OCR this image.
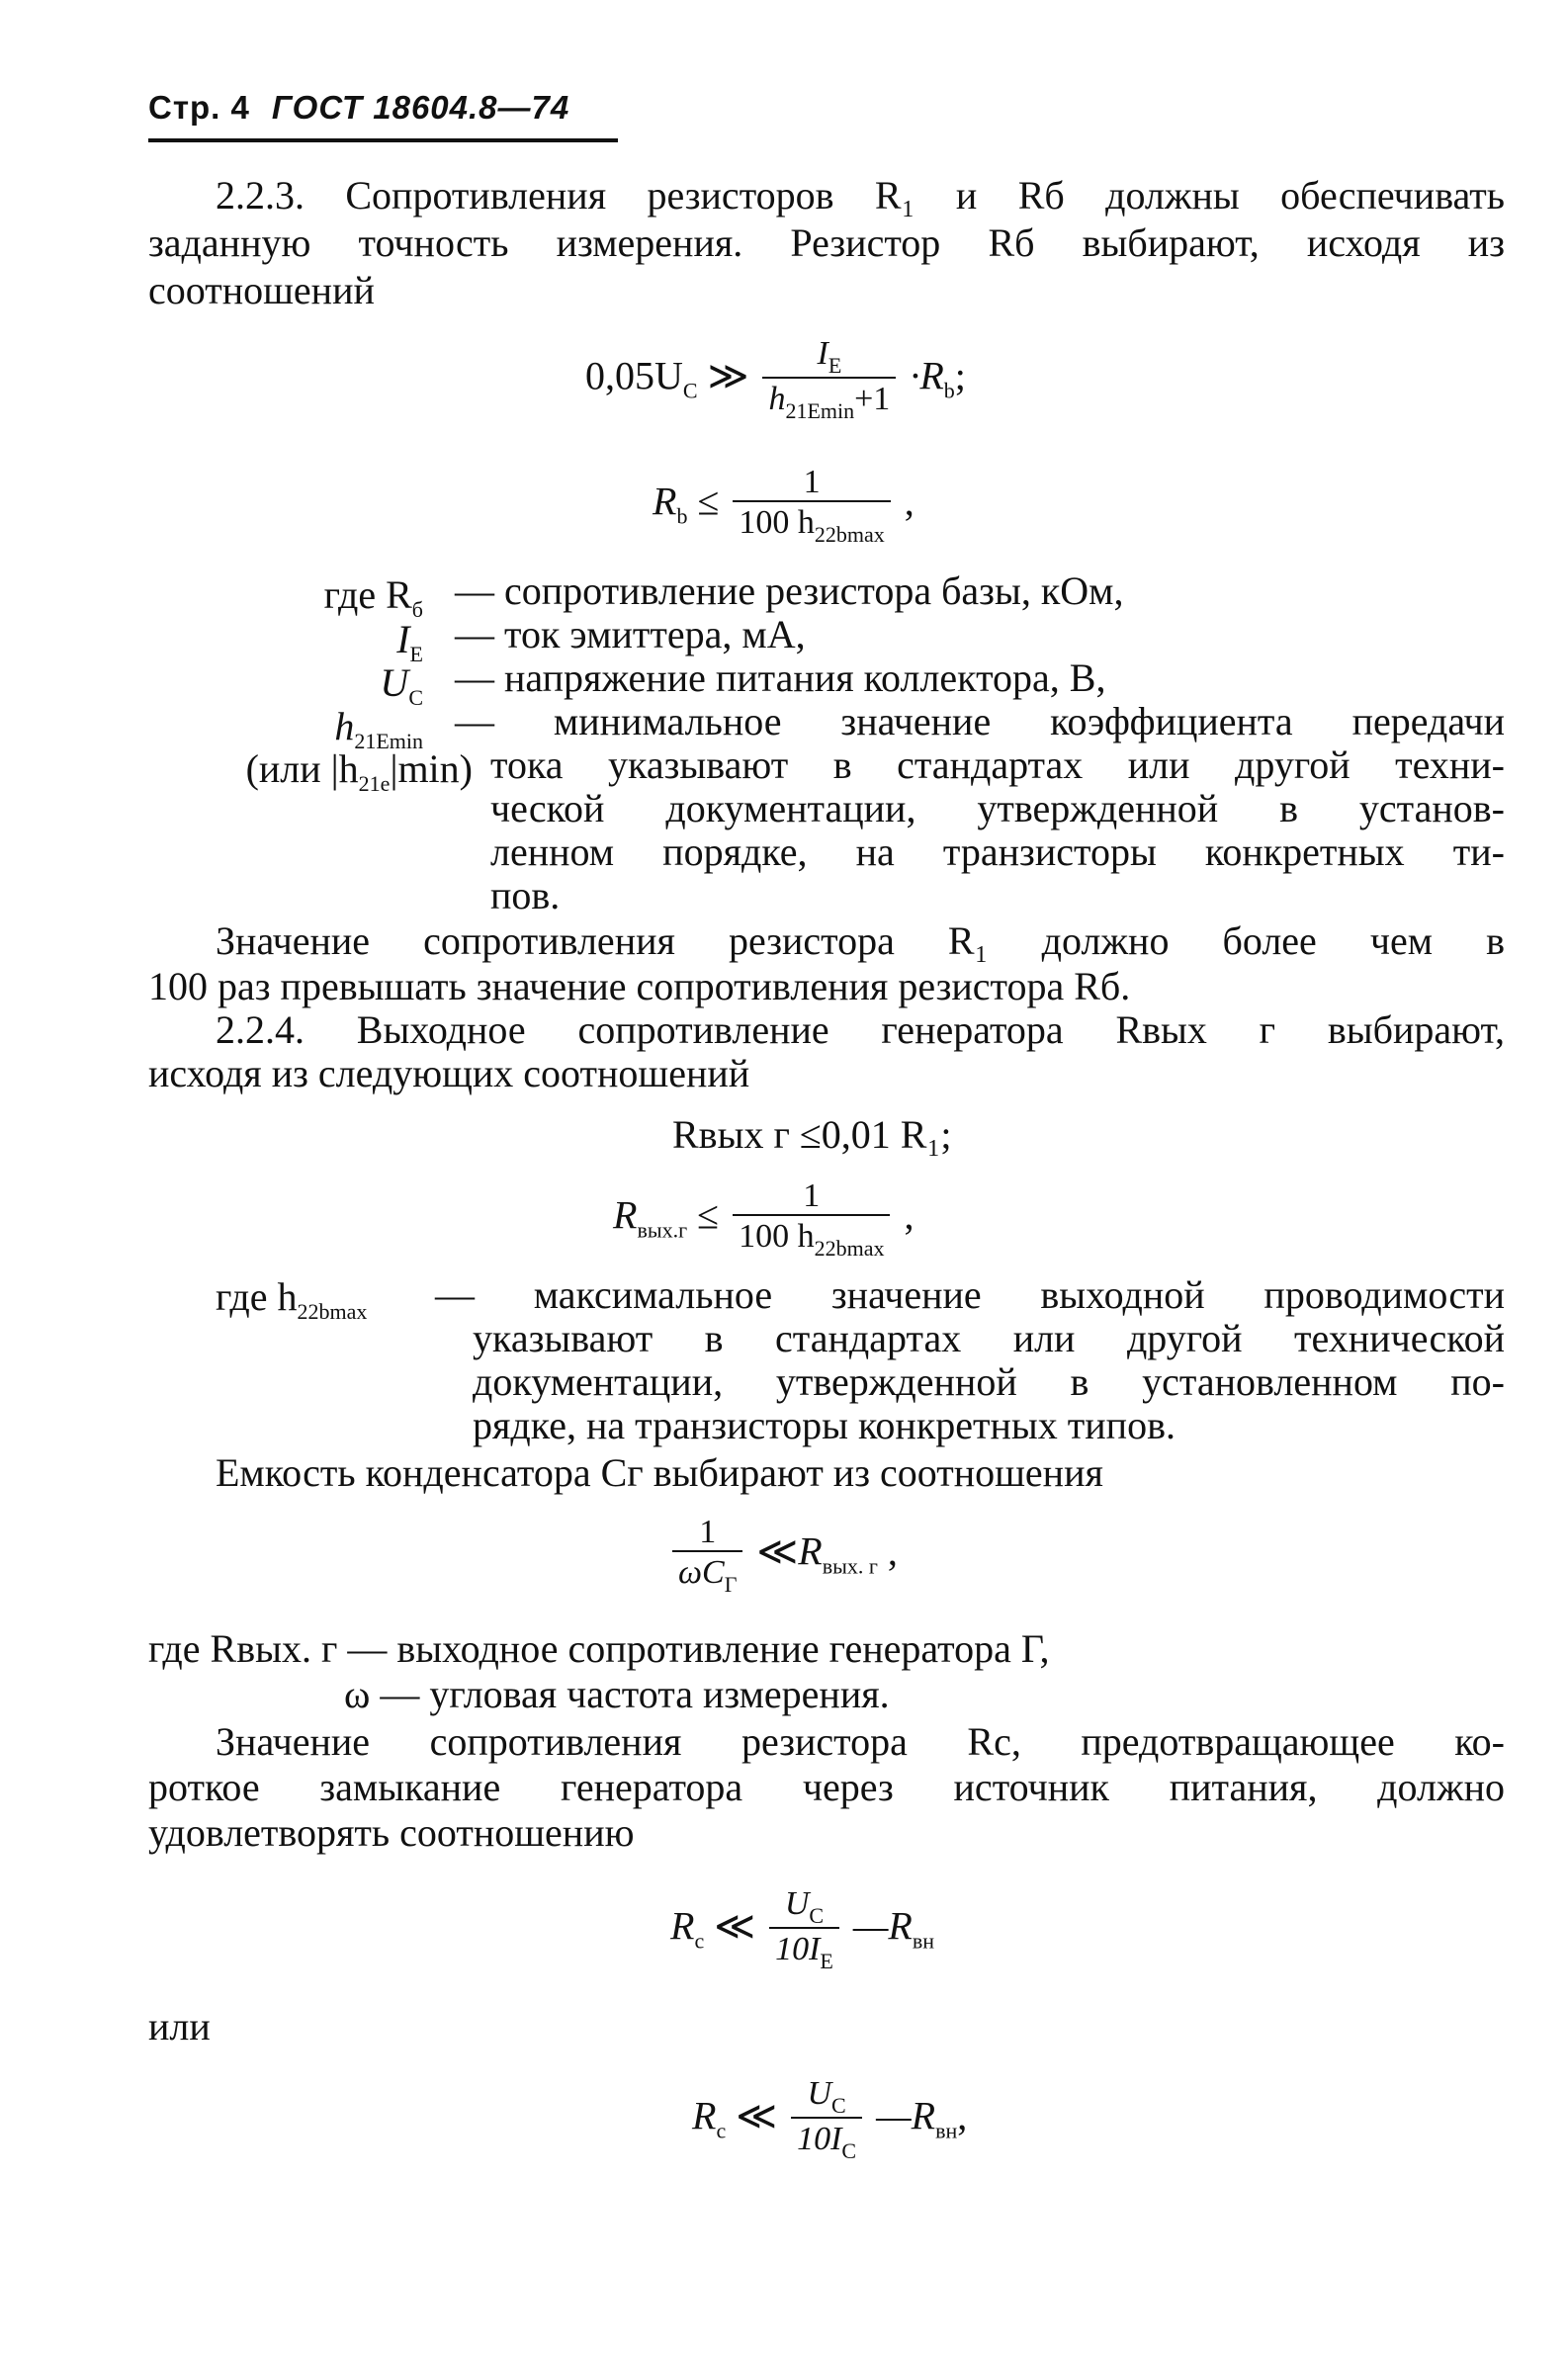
Стр. 4 ГОСТ 18604.8—74
2.2.3. Сопротивления резисторов R₁ и Rб должны обеспечивать
заданную точность измерения. Резистор Rб выбирают, исходя из
соотношений
$0,05U_C$ ≫ $\frac{I_E}{h_{21Emin}+1} \cdot R_b$;
$R_b \le \frac{1}{100 h_{22bmax}}$ ,
где $R_б$ — сопротивление резистора базы, кОм,
$I_E$ — ток эмиттера, мА,
$U_C$ — напряжение питания коллектора, В,
$h_{21Emin}$ — минимальное значение коэффициента передачи
(или $|h_{21e}|\min$) тока указывают в стандартах или другой техни-
ческой документации, утвержденной в установ-
ленном порядке, на транзисторы конкретных ти-
пов.
Значение сопротивления резистора R₁ должно более чем в
100 раз превышать значение сопротивления резистора Rб.
2.2.4. Выходное сопротивление генератора Rвых г выбирают,
исходя из следующих соотношений
Rвых г ≤0,01 R₁;
$R_{вых.г} \le \frac{1}{100 h_{22bmax}}$ ,
где $h_{22bmax}$ — максимальное значение выходной проводимости
указывают в стандартах или другой технической
документации, утвержденной в установленном по-
рядке, на транзисторы конкретных типов.
Емкость конденсатора Cг выбирают из соотношения
$\frac{1}{\omega C_Г}$ $≪R_{вых. г}$ ,
где Rвых. г — выходное сопротивление генератора Г,
ω — угловая частота измерения.
Значение сопротивления резистора Rc, предотвращающее ко-
роткое замыкание генератора через источник питания, должно
удовлетворять соотношению
$R_c$ ≪ $\frac{U_C}{10I_E}$ $—R_{вн}$
или
$R_c$ ≪ $\frac{U_C}{10I_C}$ $—R_{вн}$,
